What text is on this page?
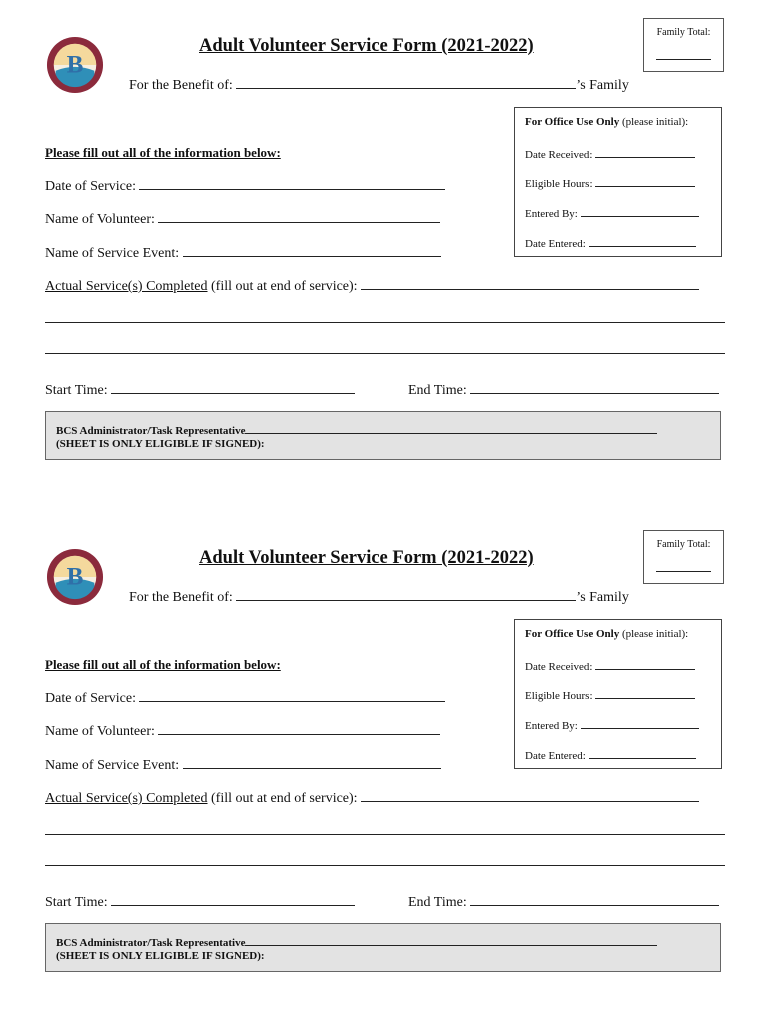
Family Total:
B
Adult Volunteer Service Form (2021-2022)
For the Benefit of:	’s Family
For Office Use Only (please initial):
Date Received:
Eligible Hours:
Entered By:
Date Entered:
Please fill out all of the information below:
Date of Service:
Name of Volunteer:
Name of Service Event:
Actual Service(s) Completed (fill out at end of service):
Start Time:	End Time:
BCS Administrator/Task Representative
(SHEET IS ONLY ELIGIBLE IF SIGNED):
Family Total:
B
Adult Volunteer Service Form (2021-2022)
For the Benefit of:	’s Family
For Office Use Only (please initial):
Date Received:
Eligible Hours:
Entered By:
Date Entered:
Please fill out all of the information below:
Date of Service:
Name of Volunteer:
Name of Service Event:
Actual Service(s) Completed (fill out at end of service):
Start Time:	End Time:
BCS Administrator/Task Representative
(SHEET IS ONLY ELIGIBLE IF SIGNED):
